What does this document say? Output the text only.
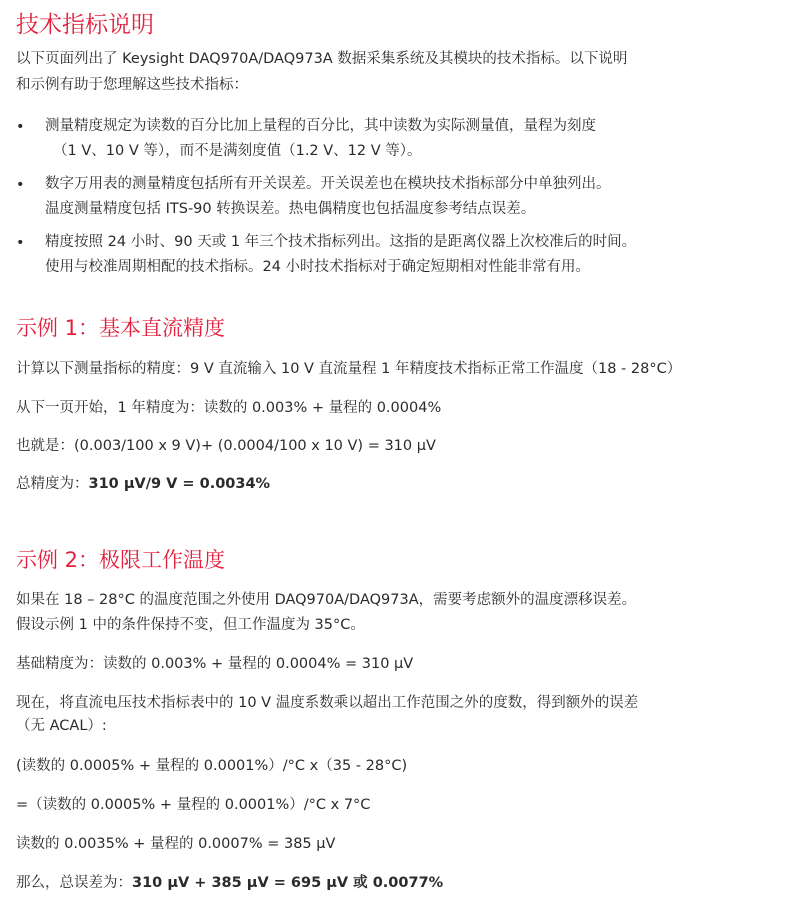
技术指标说明
以下页面列出了 Keysight DAQ970A/DAQ973A 数据采集系统及其模块的技术指标。以下说明
和示例有助于您理解这些技术指标：
• 测量精度规定为读数的百分比加上量程的百分比，其中读数为实际测量值，量程为刻度
（1 V、10 V 等），而不是满刻度值（1.2 V、12 V 等）。
• 数字万用表的测量精度包括所有开关误差。开关误差也在模块技术指标部分中单独列出。
温度测量精度包括 ITS-90 转换误差。热电偶精度也包括温度参考结点误差。
• 精度按照 24 小时、90 天或 1 年三个技术指标列出。这指的是距离仪器上次校准后的时间。
使用与校准周期相配的技术指标。24 小时技术指标对于确定短期相对性能非常有用。
示例 1：基本直流精度
计算以下测量指标的精度：9 V 直流输入 10 V 直流量程 1 年精度技术指标正常工作温度（18 - 28°C）
从下一页开始，1 年精度为：读数的 0.003% + 量程的 0.0004%
也就是：(0.003/100 x 9 V)+ (0.0004/100 x 10 V) = 310 μV
总精度为：310 μV/9 V = 0.0034%
示例 2：极限工作温度
如果在 18 – 28°C 的温度范围之外使用 DAQ970A/DAQ973A，需要考虑额外的温度漂移误差。
假设示例 1 中的条件保持不变，但工作温度为 35°C。
基础精度为：读数的 0.003% + 量程的 0.0004% = 310 μV
现在，将直流电压技术指标表中的 10 V 温度系数乘以超出工作范围之外的度数，得到额外的误差
（无 ACAL）:
(读数的 0.0005% + 量程的 0.0001%）/°C x（35 - 28°C)
=（读数的 0.0005% + 量程的 0.0001%）/°C x 7°C
读数的 0.0035% + 量程的 0.0007% = 385 μV
那么，总误差为：310 μV + 385 μV = 695 μV 或 0.0077%
